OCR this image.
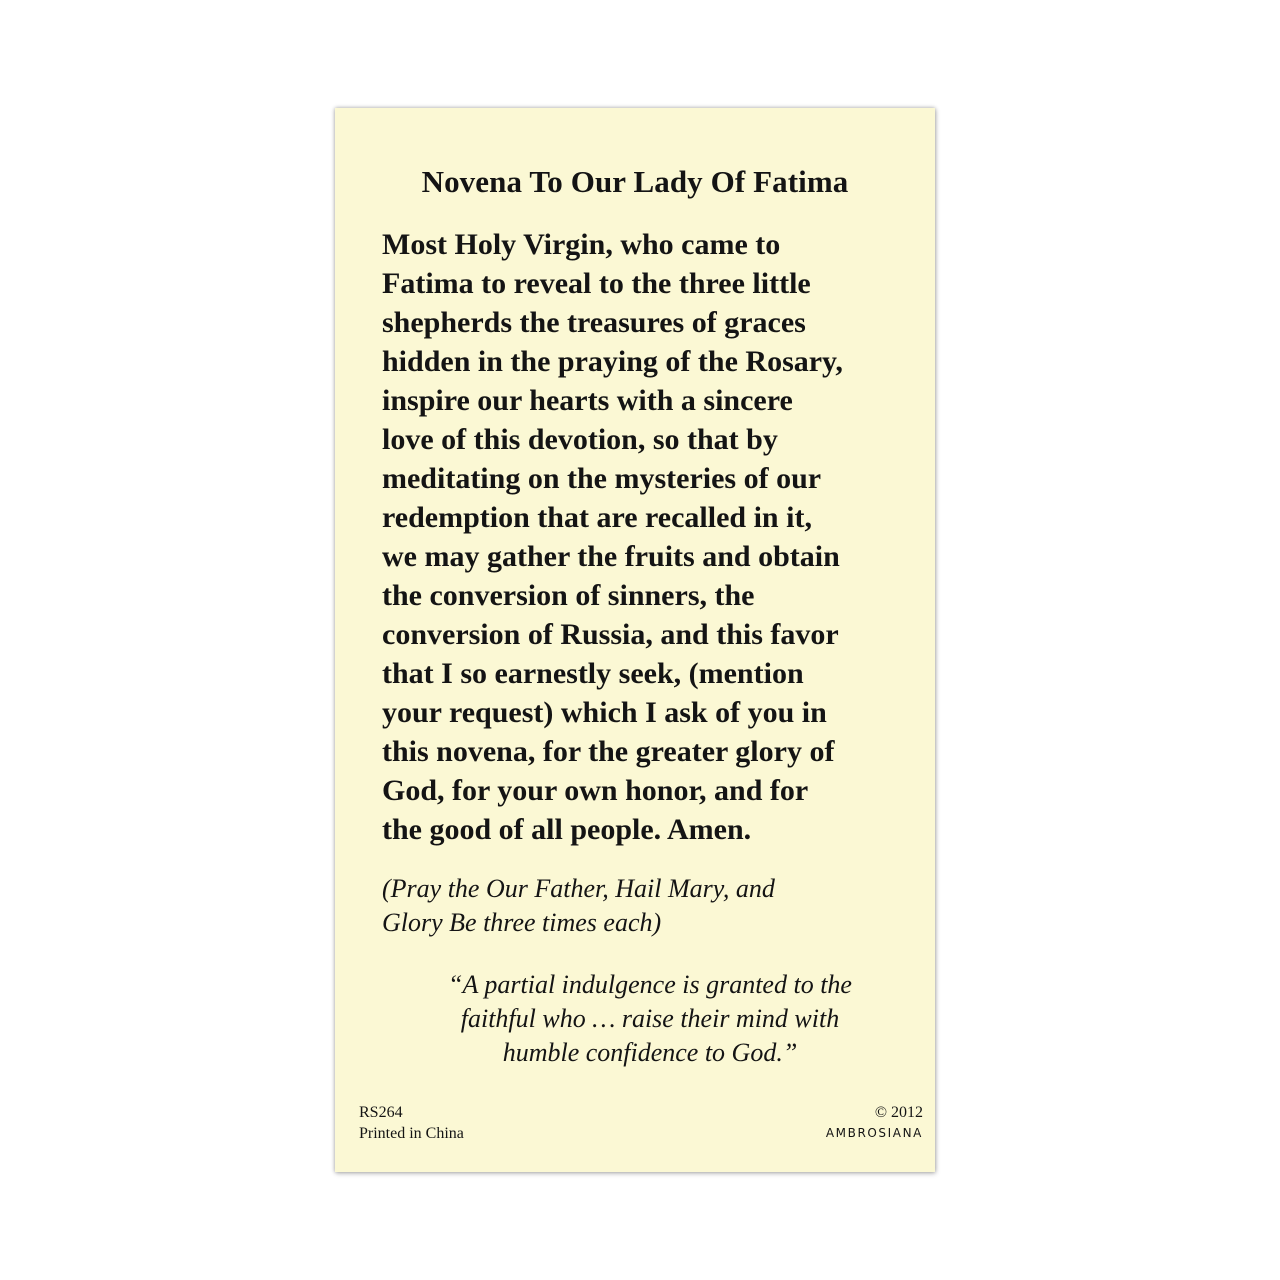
Novena To Our Lady Of Fatima
Most Holy Virgin, who came to
Fatima to reveal to the three little
shepherds the treasures of graces
hidden in the praying of the Rosary,
inspire our hearts with a sincere
love of this devotion, so that by
meditating on the mysteries of our
redemption that are recalled in it,
we may gather the fruits and obtain
the conversion of sinners, the
conversion of Russia, and this favor
that I so earnestly seek, (mention
your request) which I ask of you in
this novena, for the greater glory of
God, for your own honor, and for
the good of all people. Amen.
(Pray the Our Father, Hail Mary, and
Glory Be three times each)
“A partial indulgence is granted to the
faithful who … raise their mind with
humble confidence to God.”
RS264
Printed in China
© 2012
AMBROSIANA
